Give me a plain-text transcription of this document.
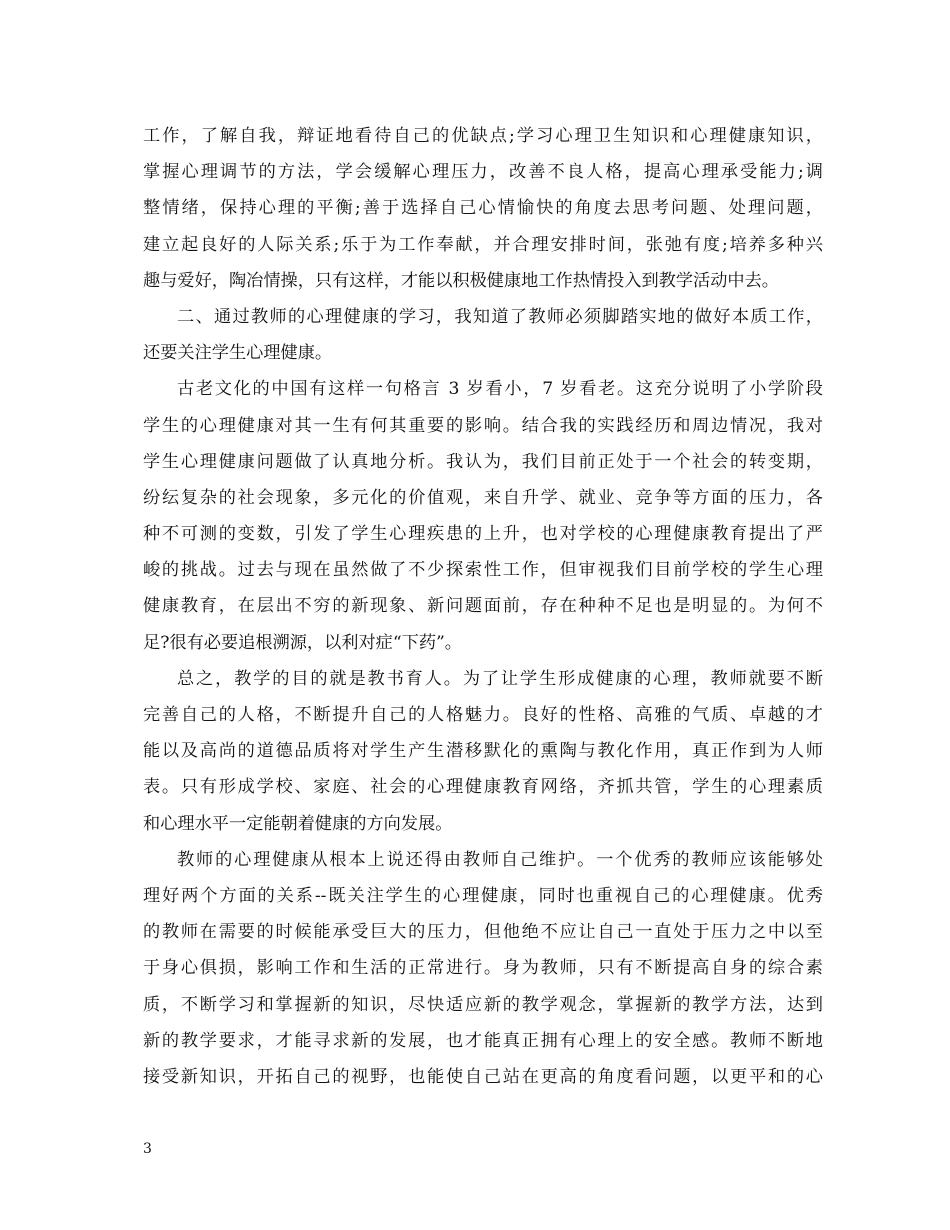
工作，了解自我，辩证地看待自己的优缺点;学习心理卫生知识和心理健康知识，
掌握心理调节的方法，学会缓解心理压力，改善不良人格，提高心理承受能力;调
整情绪，保持心理的平衡;善于选择自己心情愉快的角度去思考问题、处理问题，
建立起良好的人际关系;乐于为工作奉献，并合理安排时间，张弛有度;培养多种兴
趣与爱好，陶冶情操，只有这样，才能以积极健康地工作热情投入到教学活动中去。
二、通过教师的心理健康的学习，我知道了教师必须脚踏实地的做好本质工作，
还要关注学生心理健康。
古老文化的中国有这样一句格言 3 岁看小，7 岁看老。这充分说明了小学阶段
学生的心理健康对其一生有何其重要的影响。结合我的实践经历和周边情况，我对
学生心理健康问题做了认真地分析。我认为，我们目前正处于一个社会的转变期，
纷纭复杂的社会现象，多元化的价值观，来自升学、就业、竞争等方面的压力，各
种不可测的变数，引发了学生心理疾患的上升，也对学校的心理健康教育提出了严
峻的挑战。过去与现在虽然做了不少探索性工作，但审视我们目前学校的学生心理
健康教育，在层出不穷的新现象、新问题面前，存在种种不足也是明显的。为何不
足?很有必要追根溯源，以利对症“下药”。
总之，教学的目的就是教书育人。为了让学生形成健康的心理，教师就要不断
完善自己的人格，不断提升自己的人格魅力。良好的性格、高雅的气质、卓越的才
能以及高尚的道德品质将对学生产生潜移默化的熏陶与教化作用，真正作到为人师
表。只有形成学校、家庭、社会的心理健康教育网络，齐抓共管，学生的心理素质
和心理水平一定能朝着健康的方向发展。
教师的心理健康从根本上说还得由教师自己维护。一个优秀的教师应该能够处
理好两个方面的关系--既关注学生的心理健康，同时也重视自己的心理健康。优秀
的教师在需要的时候能承受巨大的压力，但他绝不应让自己一直处于压力之中以至
于身心俱损，影响工作和生活的正常进行。身为教师，只有不断提高自身的综合素
质，不断学习和掌握新的知识，尽快适应新的教学观念，掌握新的教学方法，达到
新的教学要求，才能寻求新的发展，也才能真正拥有心理上的安全感。教师不断地
接受新知识，开拓自己的视野，也能使自己站在更高的角度看问题，以更平和的心
3
